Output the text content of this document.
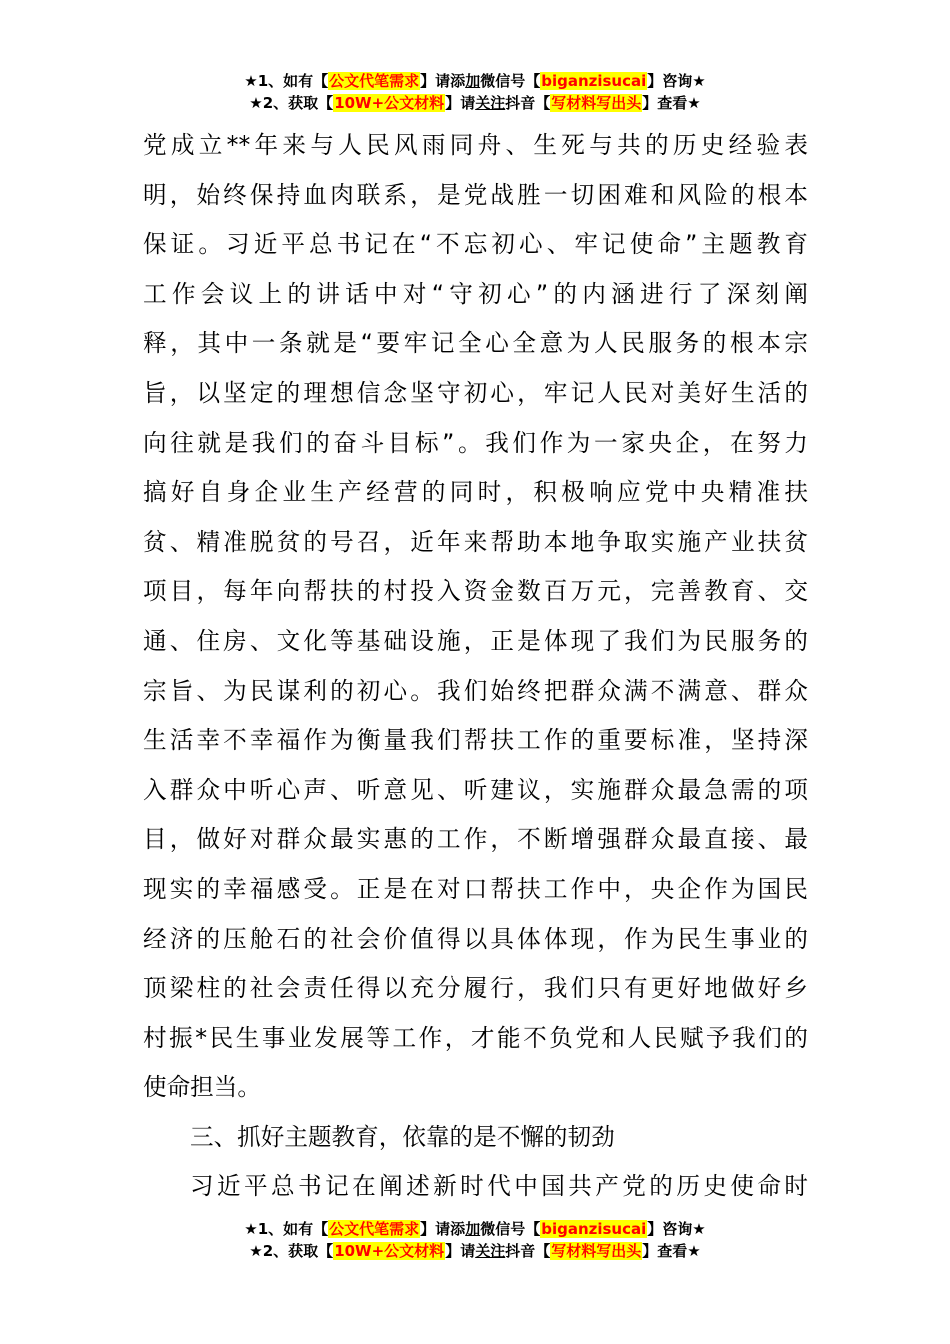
★1、如有【公文代笔需求】请添加微信号【biganzisucai】咨询★
★2、获取【10W+公文材料】请关注抖音【写材料写出头】查看★
党成立**年来与人民风雨同舟、生死与共的历史经验表
明，始终保持血肉联系，是党战胜一切困难和风险的根本
保证。习近平总书记在“不忘初心、牢记使命”主题教育
工作会议上的讲话中对“守初心”的内涵进行了深刻阐
释，其中一条就是“要牢记全心全意为人民服务的根本宗
旨，以坚定的理想信念坚守初心，牢记人民对美好生活的
向往就是我们的奋斗目标”。我们作为一家央企，在努力
搞好自身企业生产经营的同时，积极响应党中央精准扶
贫、精准脱贫的号召，近年来帮助本地争取实施产业扶贫
项目，每年向帮扶的村投入资金数百万元，完善教育、交
通、住房、文化等基础设施，正是体现了我们为民服务的
宗旨、为民谋利的初心。我们始终把群众满不满意、群众
生活幸不幸福作为衡量我们帮扶工作的重要标准，坚持深
入群众中听心声、听意见、听建议，实施群众最急需的项
目，做好对群众最实惠的工作，不断增强群众最直接、最
现实的幸福感受。正是在对口帮扶工作中，央企作为国民
经济的压舱石的社会价值得以具体体现，作为民生事业的
顶梁柱的社会责任得以充分履行，我们只有更好地做好乡
村振*民生事业发展等工作，才能不负党和人民赋予我们的
使命担当。
三、抓好主题教育，依靠的是不懈的韧劲
习近平总书记在阐述新时代中国共产党的历史使命时
★1、如有【公文代笔需求】请添加微信号【biganzisucai】咨询★
★2、获取【10W+公文材料】请关注抖音【写材料写出头】查看★
